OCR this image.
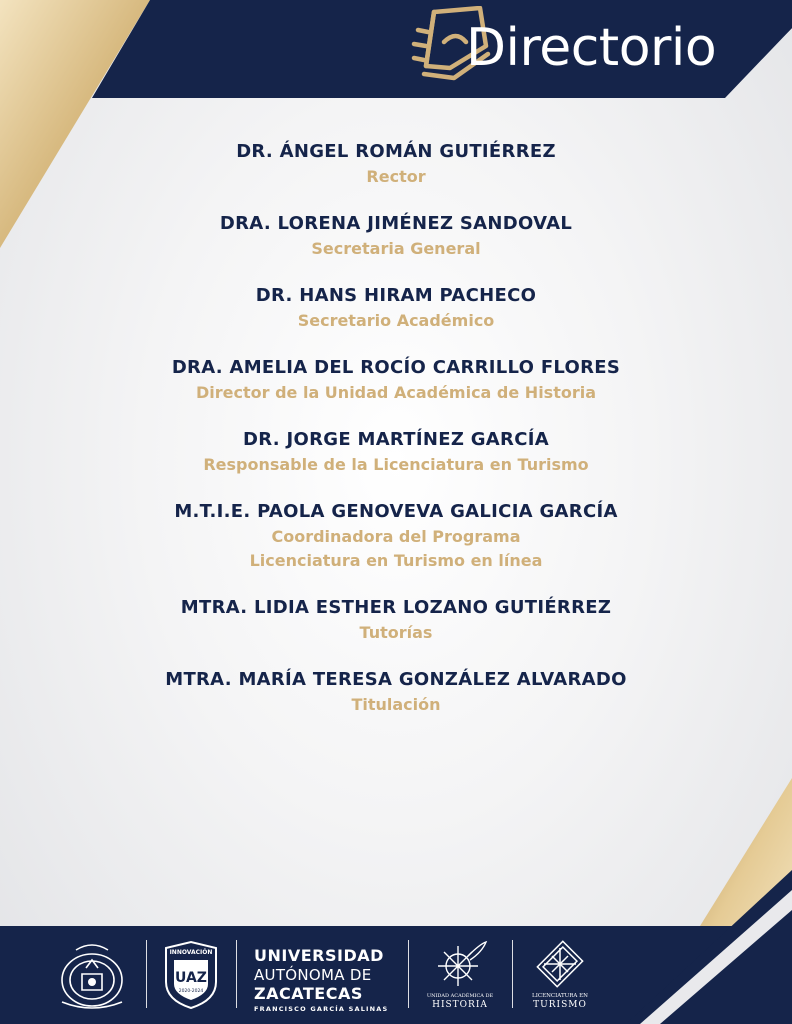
Directorio
DR. ÁNGEL ROMÁN GUTIÉRREZ
Rector
DRA. LORENA JIMÉNEZ SANDOVAL
Secretaria General
DR. HANS HIRAM PACHECO
Secretario Académico
DRA. AMELIA DEL ROCÍO CARRILLO FLORES
Director de la Unidad Académica de Historia
DR. JORGE MARTÍNEZ GARCÍA
Responsable de la Licenciatura en Turismo
M.T.I.E. PAOLA GENOVEVA GALICIA GARCÍA
Coordinadora del Programa
Licenciatura en Turismo en línea
MTRA. LIDIA ESTHER LOZANO GUTIÉRREZ
Tutorías
MTRA. MARÍA TERESA GONZÁLEZ ALVARADO
Titulación
INNOVACIÓN
UAZ
2020-2024
UNIVERSIDAD
AUTÓNOMA DE
ZACATECAS
FRANCISCO GARCÍA SALINAS
UNIDAD ACADÉMICA DE
HISTORIA
LICENCIATURA EN
TURISMO
